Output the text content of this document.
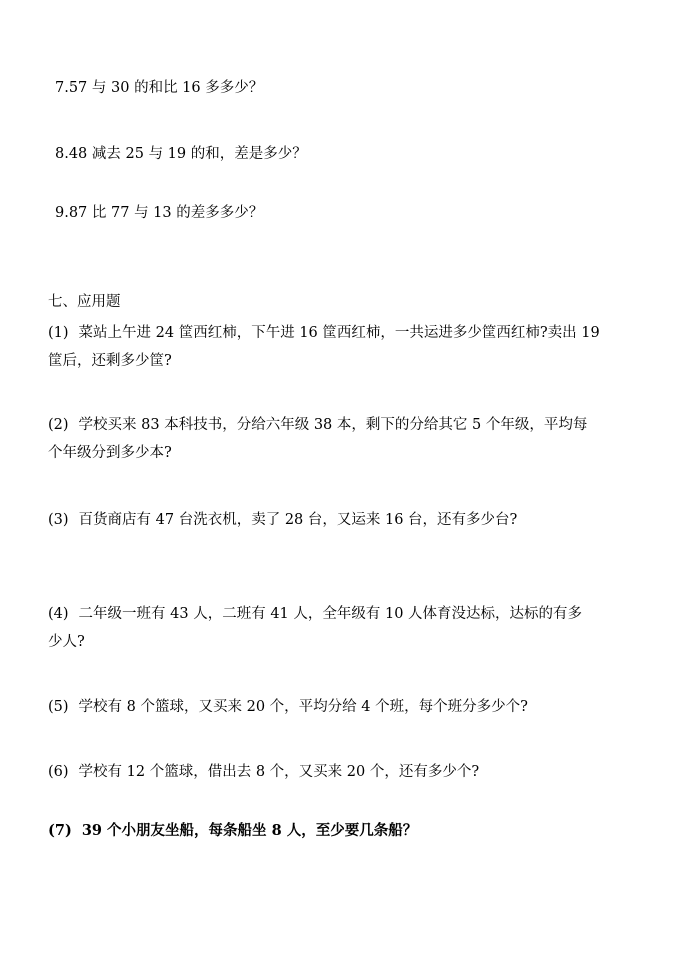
7.57 与 30 的和比 16 多多少？
8.48 减去 25 与 19 的和，差是多少？
9.87 比 77 与 13 的差多多少？
七、应用题
(1) 菜站上午进 24 筐西红柿，下午进 16 筐西红柿，一共运进多少筐西红柿?卖出 19
筐后，还剩多少筐?
(2) 学校买来 83 本科技书，分给六年级 38 本，剩下的分给其它 5 个年级，平均每
个年级分到多少本?
(3) 百货商店有 47 台洗衣机，卖了 28 台，又运来 16 台，还有多少台?
(4) 二年级一班有 43 人，二班有 41 人，全年级有 10 人体育没达标，达标的有多
少人?
(5) 学校有 8 个篮球，又买来 20 个，平均分给 4 个班，每个班分多少个?
(6) 学校有 12 个篮球，借出去 8 个，又买来 20 个，还有多少个?
(7) 39 个小朋友坐船，每条船坐 8 人，至少要几条船？
